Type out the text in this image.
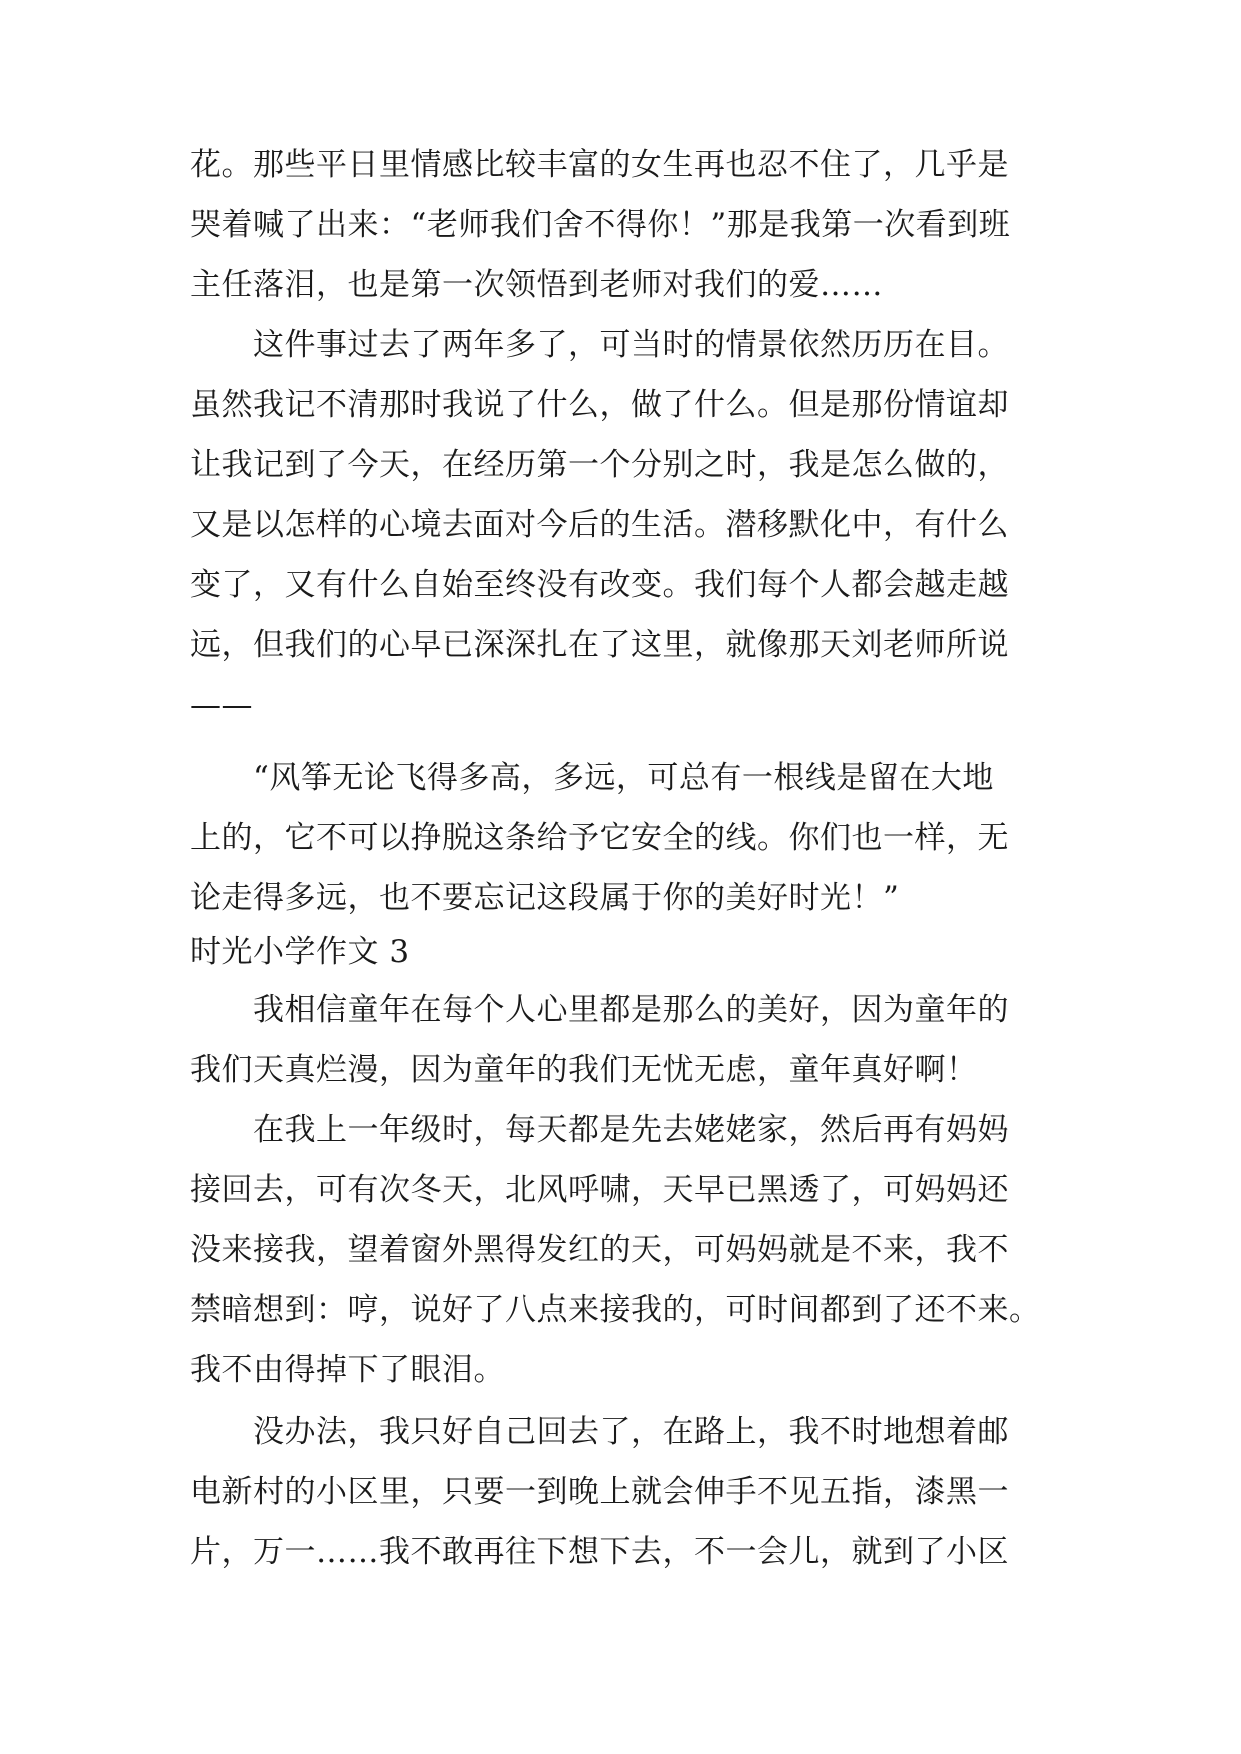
花。那些平日里情感比较丰富的女生再也忍不住了，几乎是
哭着喊了出来：“老师我们舍不得你！”那是我第一次看到班
主任落泪，也是第一次领悟到老师对我们的爱……
这件事过去了两年多了，可当时的情景依然历历在目。
虽然我记不清那时我说了什么，做了什么。但是那份情谊却
让我记到了今天，在经历第一个分别之时，我是怎么做的，
又是以怎样的心境去面对今后的生活。潜移默化中，有什么
变了，又有什么自始至终没有改变。我们每个人都会越走越
远，但我们的心早已深深扎在了这里，就像那天刘老师所说
——
“风筝无论飞得多高，多远，可总有一根线是留在大地
上的，它不可以挣脱这条给予它安全的线。你们也一样，无
论走得多远，也不要忘记这段属于你的美好时光！”
时光小学作文 3
我相信童年在每个人心里都是那么的美好，因为童年的
我们天真烂漫，因为童年的我们无忧无虑，童年真好啊！
在我上一年级时，每天都是先去姥姥家，然后再有妈妈
接回去，可有次冬天，北风呼啸，天早已黑透了，可妈妈还
没来接我，望着窗外黑得发红的天，可妈妈就是不来，我不
禁暗想到：哼，说好了八点来接我的，可时间都到了还不来。
我不由得掉下了眼泪。
没办法，我只好自己回去了，在路上，我不时地想着邮
电新村的小区里，只要一到晚上就会伸手不见五指，漆黑一
片，万一……我不敢再往下想下去，不一会儿，就到了小区
